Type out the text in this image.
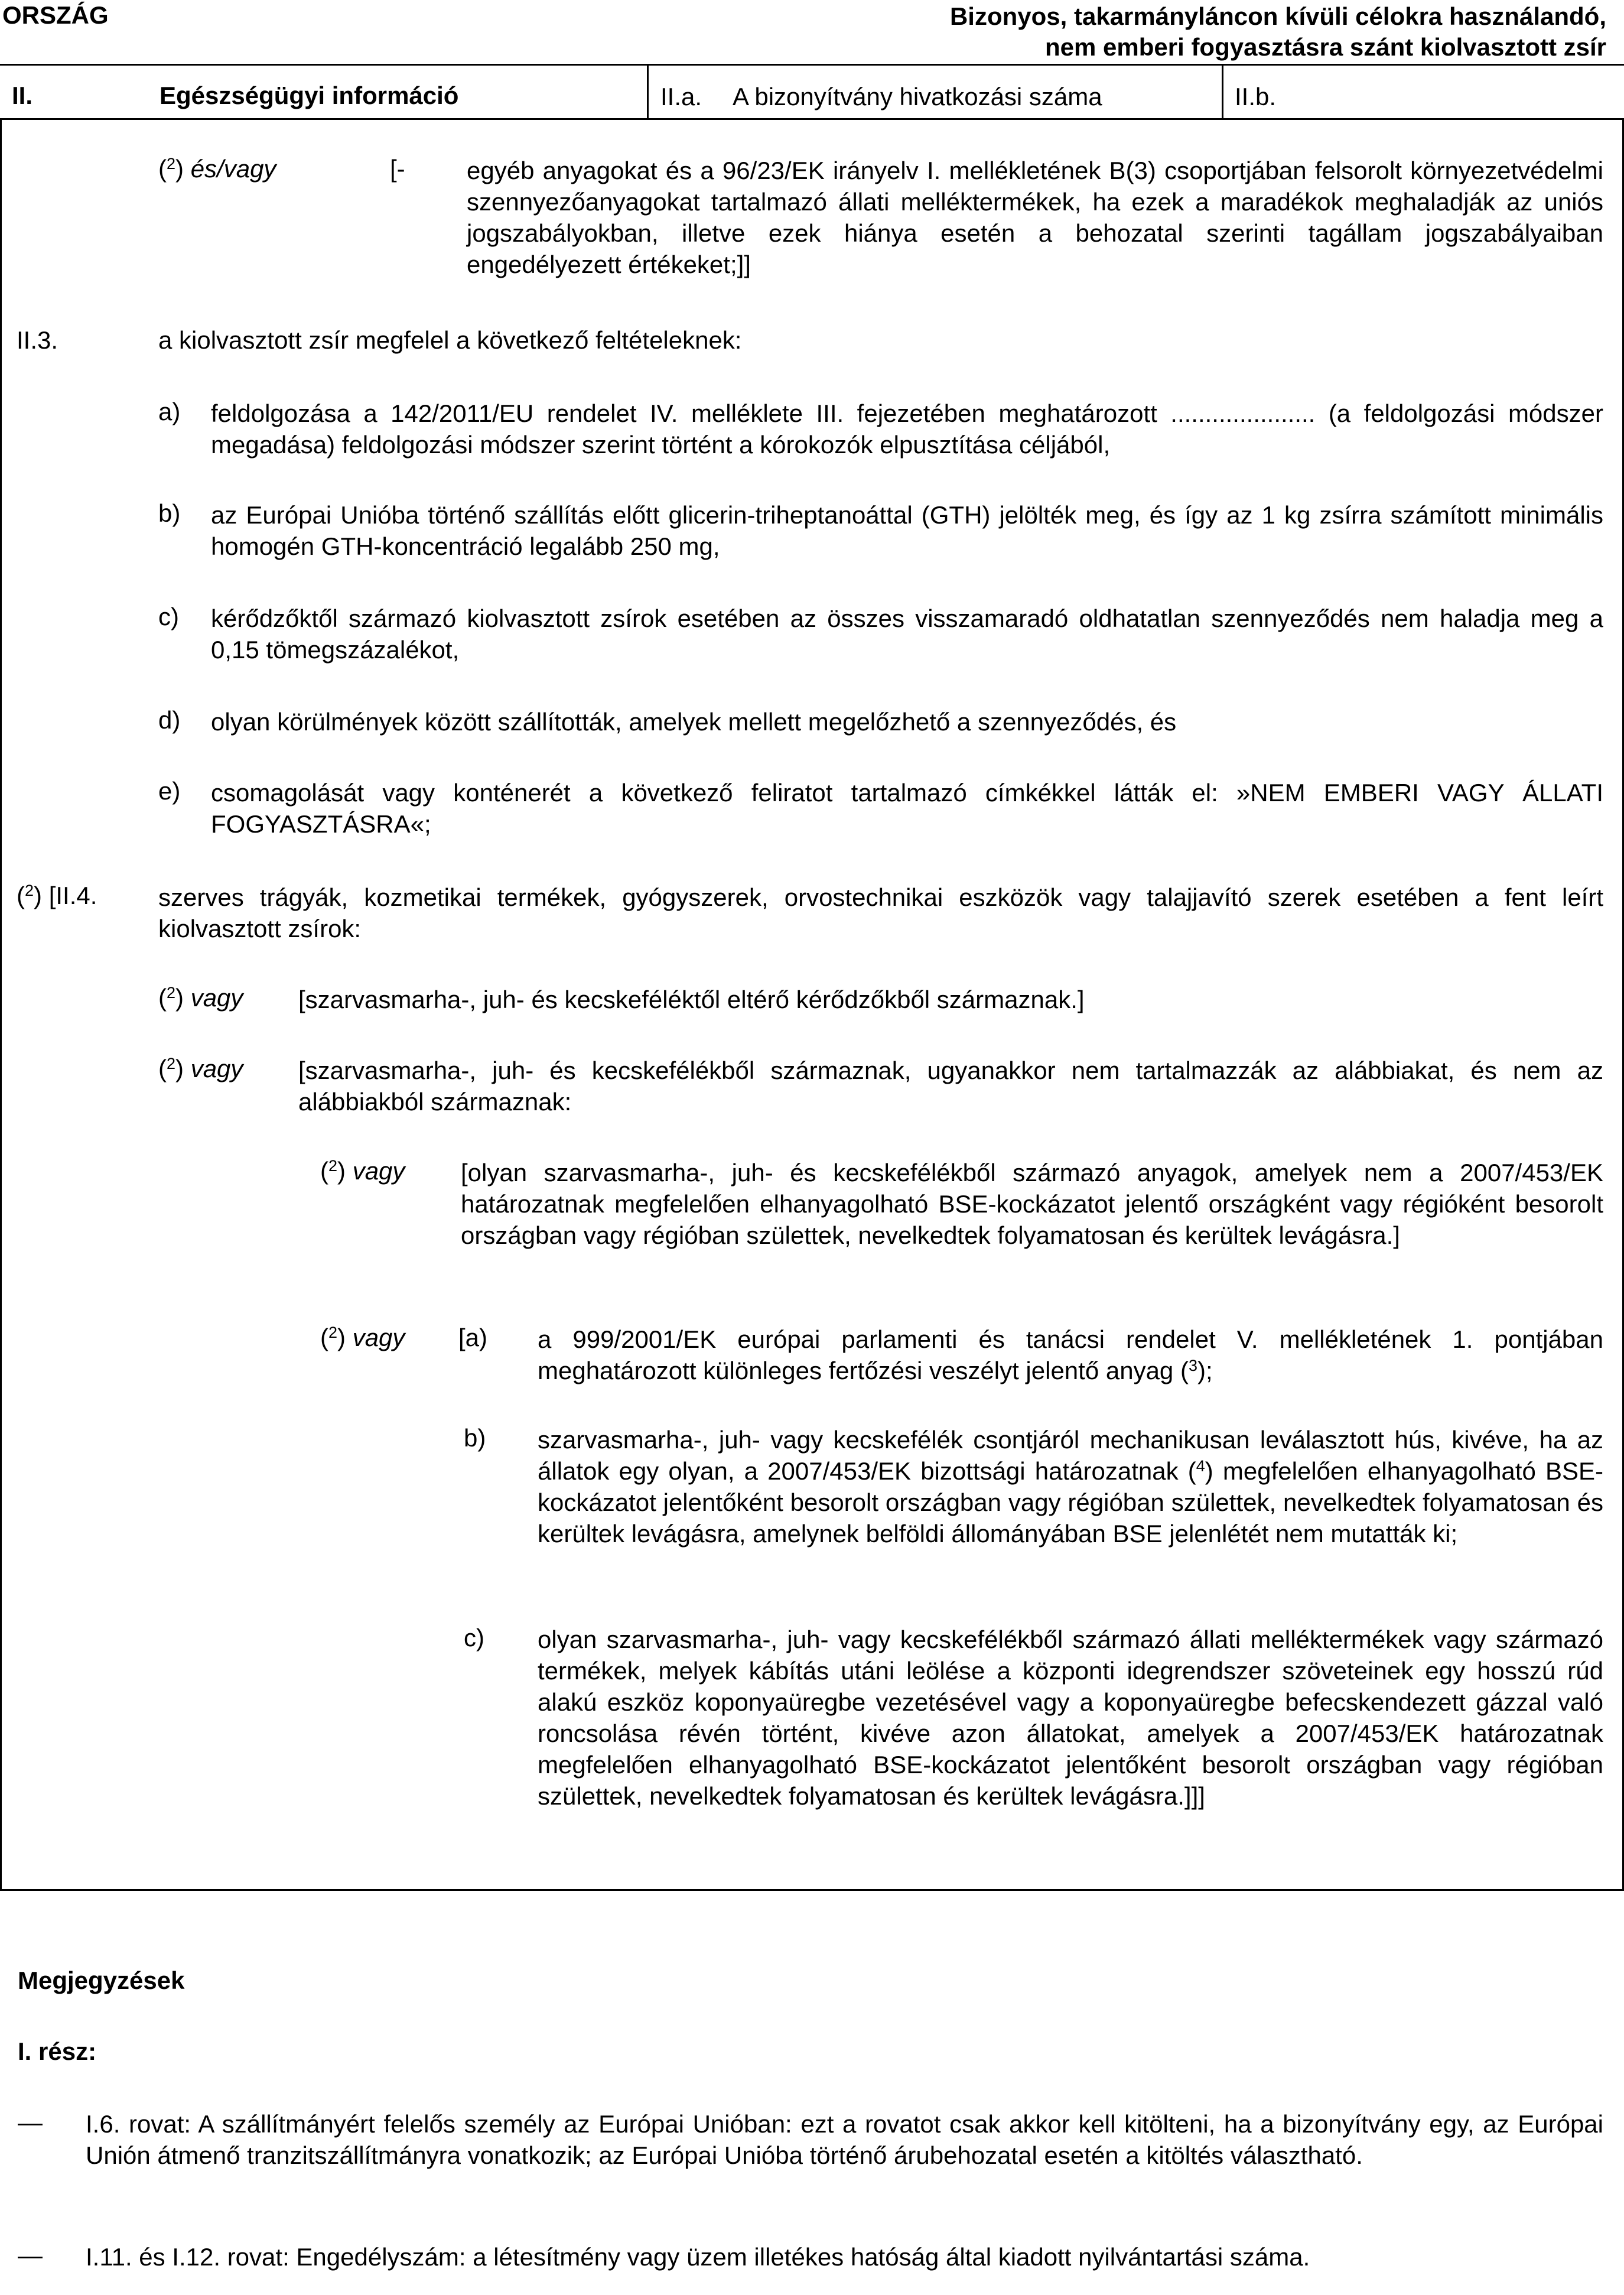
ORSZÁG	Bizonyos, takarmányláncon kívüli célokra használandó,
nem emberi fogyasztásra szánt kiolvasztott zsír
II.	Egészségügyi információ	II.a. A bizonyítvány hivatkozási száma	II.b.
($^2$) és/vagy	[- egyéb anyagokat és a 96/23/EK irányelv I. mellékletének B(3) csoportjában felsorolt környezetvédelmi szennyezőanyagokat tartalmazó állati melléktermékek, ha ezek a maradékok meghaladják az uniós jogszabályokban, illetve ezek hiánya esetén a behozatal szerinti tagállam jogszabályaiban engedélyezett értékeket;]]
II.3.	a kiolvasztott zsír megfelel a következő feltételeknek:
a) feldolgozása a 142/2011/EU rendelet IV. melléklete III. fejezetében meghatározott ..................... (a feldolgozási módszer megadása) feldolgozási módszer szerint történt a kórokozók elpusztítása céljából,
b) az Európai Unióba történő szállítás előtt glicerin-triheptanoáttal (GTH) jelölték meg, és így az 1 kg zsírra számított minimális homogén GTH-koncentráció legalább 250 mg,
c) kérődzőktől származó kiolvasztott zsírok esetében az összes visszamaradó oldhatatlan szennyeződés nem haladja meg a 0,15 tömegszázalékot,
d) olyan körülmények között szállították, amelyek mellett megelőzhető a szennyeződés, és
e) csomagolását vagy konténerét a következő feliratot tartalmazó címkékkel látták el: »NEM EMBERI VAGY ÁLLATI FOGYASZTÁSRA«;
($^2$) [II.4. szerves trágyák, kozmetikai termékek, gyógyszerek, orvostechnikai eszközök vagy talajjavító szerek esetében a fent leírt kiolvasztott zsírok:
($^2$) vagy [szarvasmarha-, juh- és kecskeféléktől eltérő kérődzőkből származnak.]
($^2$) vagy [szarvasmarha-, juh- és kecskefélékből származnak, ugyanakkor nem tartalmazzák az alábbiakat, és nem az alábbiakból származnak:
($^2$) vagy [olyan szarvasmarha-, juh- és kecskefélékből származó anyagok, amelyek nem a 2007/453/EK határozatnak megfelelően elhanyagolható BSE-kockázatot jelentő országként vagy régióként besorolt országban vagy régióban születtek, nevelkedtek folyamatosan és kerültek levágásra.]
($^2$) vagy [a) a 999/2001/EK európai parlamenti és tanácsi rendelet V. mellékletének 1. pontjában meghatározott különleges fertőzési veszélyt jelentő anyag ($^3$);
b) szarvasmarha-, juh- vagy kecskefélék csontjáról mechanikusan leválasztott hús, kivéve, ha az állatok egy olyan, a 2007/453/EK bizottsági határozatnak ($^4$) megfelelően elhanyagolható BSE-kockázatot jelentőként besorolt országban vagy régióban születtek, nevelkedtek folyamatosan és kerültek levágásra, amelynek belföldi állományában BSE jelenlétét nem mutatták ki;
c) olyan szarvasmarha-, juh- vagy kecskefélékből származó állati melléktermékek vagy származó termékek, melyek kábítás utáni leölése a központi idegrendszer szöveteinek egy hosszú rúd alakú eszköz koponyaüregbe vezetésével vagy a koponyaüregbe befecskendezett gázzal való roncsolása révén történt, kivéve azon állatokat, amelyek a 2007/453/EK határozatnak megfelelően elhanyagolható BSE-kockázatot jelentőként besorolt országban vagy régióban születtek, nevelkedtek folyamatosan és kerültek levágásra.]]]
Megjegyzések
I. rész:
— I.6. rovat: A szállítmányért felelős személy az Európai Unióban: ezt a rovatot csak akkor kell kitölteni, ha a bizonyítvány egy, az Európai Unión átmenő tranzitszállítmányra vonatkozik; az Európai Unióba történő árubehozatal esetén a kitöltés választható.
— I.11. és I.12. rovat: Engedélyszám: a létesítmény vagy üzem illetékes hatóság által kiadott nyilvántartási száma.
